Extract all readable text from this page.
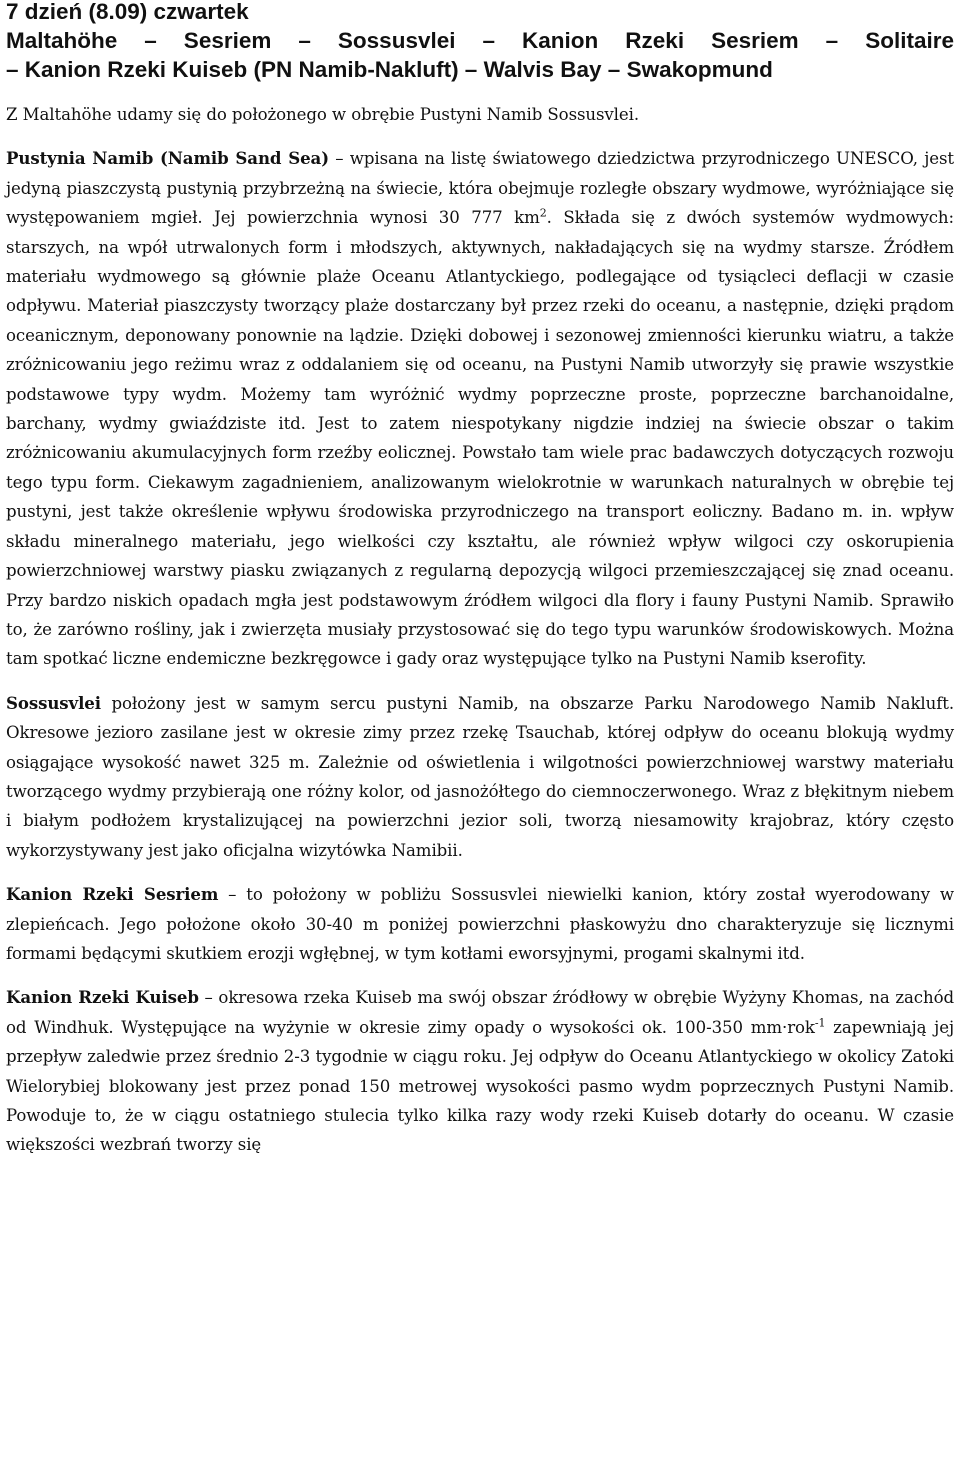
7 dzień (8.09) czwartek
Maltahöhe – Sesriem – Sossusvlei – Kanion Rzeki Sesriem – Solitaire
– Kanion Rzeki Kuiseb (PN Namib-Nakluft) – Walvis Bay – Swakopmund

Z Maltahöhe udamy się do położonego w obrębie Pustyni Namib Sossusvlei.

Pustynia Namib (Namib Sand Sea) – wpisana na listę światowego dziedzictwa przyrodniczego UNESCO, jest jedyną piaszczystą pustynią przybrzeżną na świecie, która obejmuje rozległe obszary wydmowe, wyróżniające się występowaniem mgieł. Jej powierzchnia wynosi 30 777 $km^2$. Składa się z dwóch systemów wydmowych: starszych, na wpół utrwalonych form i młodszych, aktywnych, nakładających się na wydmy starsze. Źródłem materiału wydmowego są głównie plaże Oceanu Atlantyckiego, podlegające od tysiącleci deflacji w czasie odpływu. Materiał piaszczysty tworzący plaże dostarczany był przez rzeki do oceanu, a następnie, dzięki prądom oceanicznym, deponowany ponownie na lądzie. Dzięki dobowej i sezonowej zmienności kierunku wiatru, a także zróżnicowaniu jego reżimu wraz z oddalaniem się od oceanu, na Pustyni Namib utworzyły się prawie wszystkie podstawowe typy wydm. Możemy tam wyróżnić wydmy poprzeczne proste, poprzeczne barchanoidalne, barchany, wydmy gwiaździste itd. Jest to zatem niespotykany nigdzie indziej na świecie obszar o takim zróżnicowaniu akumulacyjnych form rzeźby eolicznej. Powstało tam wiele prac badawczych dotyczących rozwoju tego typu form. Ciekawym zagadnieniem, analizowanym wielokrotnie w warunkach naturalnych w obrębie tej pustyni, jest także określenie wpływu środowiska przyrodniczego na transport eoliczny. Badano m. in. wpływ składu mineralnego materiału, jego wielkości czy kształtu, ale również wpływ wilgoci czy oskorupienia powierzchniowej warstwy piasku związanych z regularną depozycją wilgoci przemieszczającej się znad oceanu. Przy bardzo niskich opadach mgła jest podstawowym źródłem wilgoci dla flory i fauny Pustyni Namib. Sprawiło to, że zarówno rośliny, jak i zwierzęta musiały przystosować się do tego typu warunków środowiskowych. Można tam spotkać liczne endemiczne bezkręgowce i gady oraz występujące tylko na Pustyni Namib kserofity.

Sossusvlei położony jest w samym sercu pustyni Namib, na obszarze Parku Narodowego Namib Nakluft. Okresowe jezioro zasilane jest w okresie zimy przez rzekę Tsauchab, której odpływ do oceanu blokują wydmy osiągające wysokość nawet 325 m. Zależnie od oświetlenia i wilgotności powierzchniowej warstwy materiału tworzącego wydmy przybierają one różny kolor, od jasnożółtego do ciemnoczerwonego. Wraz z błękitnym niebem i białym podłożem krystalizującej na powierzchni jezior soli, tworzą niesamowity krajobraz, który często wykorzystywany jest jako oficjalna wizytówka Namibii.

Kanion Rzeki Sesriem – to położony w pobliżu Sossusvlei niewielki kanion, który został wyerodowany w zlepieńcach. Jego położone około 30-40 m poniżej powierzchni płaskowyżu dno charakteryzuje się licznymi formami będącymi skutkiem erozji wgłębnej, w tym kotłami eworsyjnymi, progami skalnymi itd.

Kanion Rzeki Kuiseb – okresowa rzeka Kuiseb ma swój obszar źródłowy w obrębie Wyżyny Khomas, na zachód od Windhuk. Występujące na wyżynie w okresie zimy opady o wysokości ok. 100-350 mm·rok$^{-1}$ zapewniają jej przepływ zaledwie przez średnio 2-3 tygodnie w ciągu roku. Jej odpływ do Oceanu Atlantyckiego w okolicy Zatoki Wielorybiej blokowany jest przez ponad 150 metrowej wysokości pasmo wydm poprzecznych Pustyni Namib. Powoduje to, że w ciągu ostatniego stulecia tylko kilka razy wody rzeki Kuiseb dotarły do oceanu. W czasie większości wezbrań tworzy się
